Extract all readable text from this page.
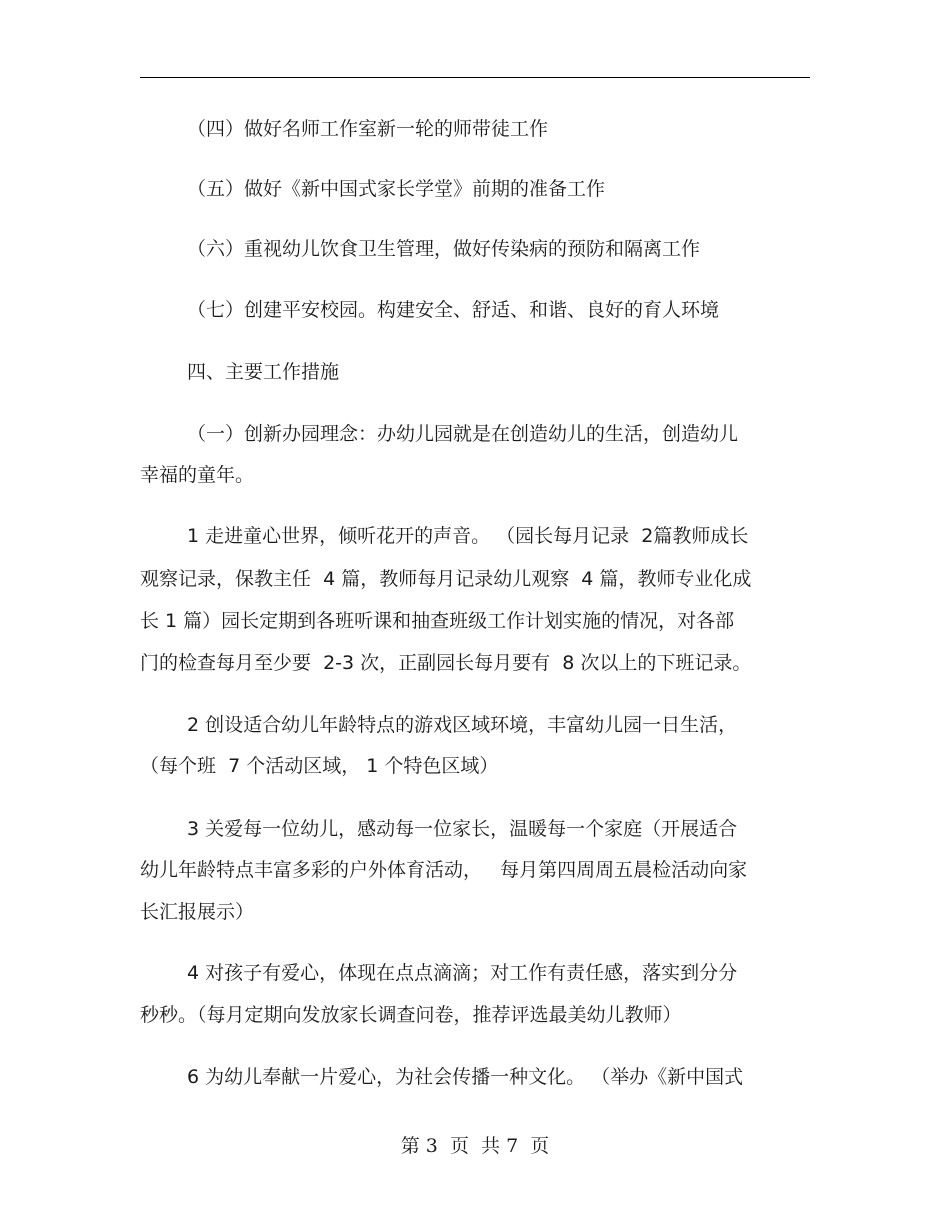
（四）做好名师工作室新一轮的师带徒工作
（五）做好《新中国式家长学堂》前期的准备工作
（六）重视幼儿饮食卫生管理，做好传染病的预防和隔离工作
（七）创建平安校园。构建安全、舒适、和谐、良好的育人环境
四、主要工作措施
（一）创新办园理念：办幼儿园就是在创造幼儿的生活，创造幼儿
幸福的童年。
1 走进童心世界，倾听花开的声音。 （园长每月记录  2篇教师成长
观察记录，保教主任  4 篇，教师每月记录幼儿观察  4 篇，教师专业化成
长 1 篇）园长定期到各班听课和抽查班级工作计划实施的情况，对各部
门的检查每月至少要  2-3 次，正副园长每月要有  8 次以上的下班记录。
2 创设适合幼儿年龄特点的游戏区域环境，丰富幼儿园一日生活，
（每个班  7 个活动区域， 1 个特色区域）
3 关爱每一位幼儿，感动每一位家长，温暖每一个家庭（开展适合
幼儿年龄特点丰富多彩的户外体育活动，   每月第四周周五晨检活动向家
长汇报展示）
4 对孩子有爱心，体现在点点滴滴；对工作有责任感，落实到分分
秒秒。（每月定期向发放家长调查问卷，推荐评选最美幼儿教师）
6 为幼儿奉献一片爱心，为社会传播一种文化。 （举办《新中国式
第 3  页  共 7  页
